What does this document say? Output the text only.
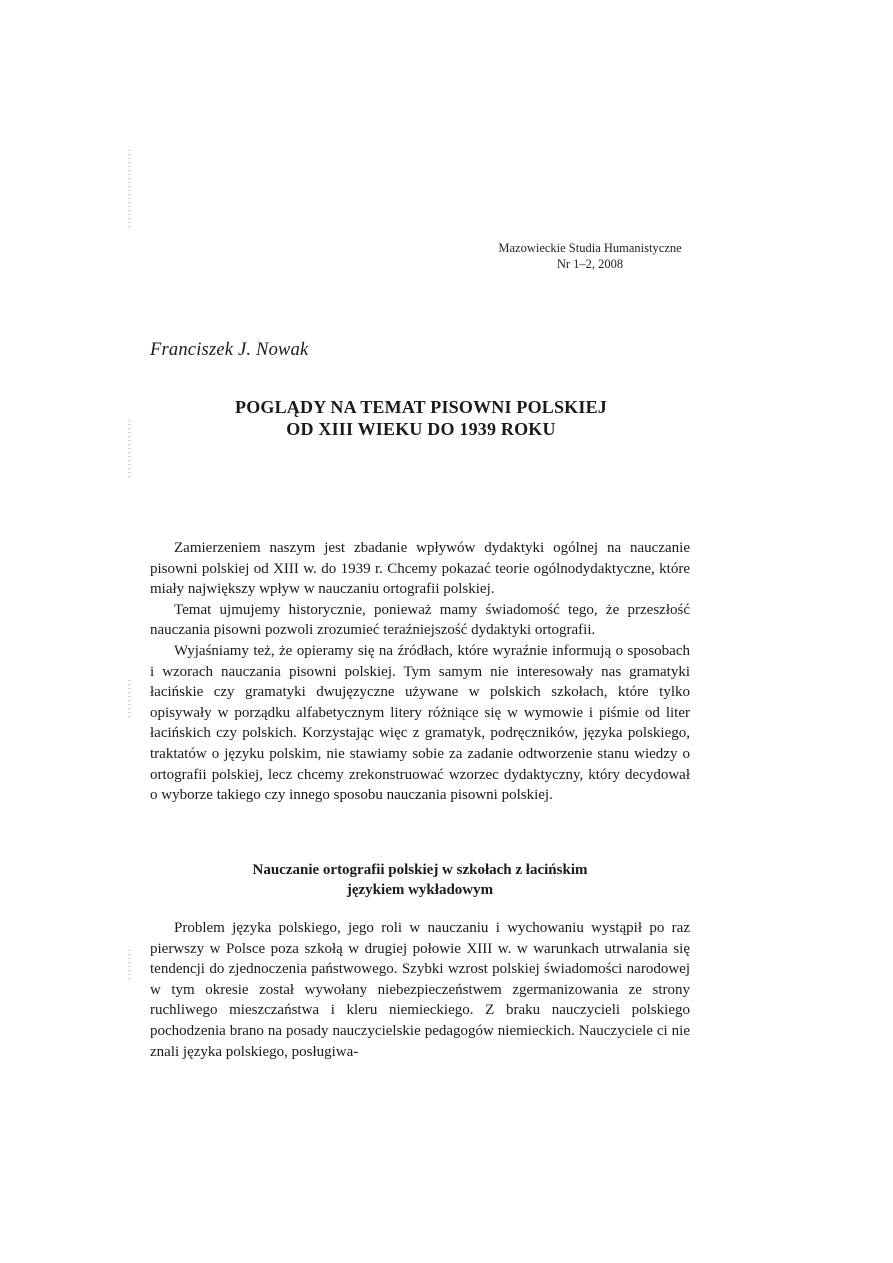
Mazowieckie Studia Humanistyczne
Nr 1–2, 2008
Franciszek J. Nowak
POGLĄDY NA TEMAT PISOWNI POLSKIEJ
OD XIII WIEKU DO 1939 ROKU

Zamierzeniem naszym jest zbadanie wpływów dydaktyki ogólnej na nauczanie pisowni polskiej od XIII w. do 1939 r. Chcemy pokazać teorie ogólnodydaktyczne, które miały największy wpływ w nauczaniu ortografii polskiej.

Temat ujmujemy historycznie, ponieważ mamy świadomość tego, że przeszłość nauczania pisowni pozwoli zrozumieć teraźniejszość dydaktyki ortografii.

Wyjaśniamy też, że opieramy się na źródłach, które wyraźnie informują o sposobach i wzorach nauczania pisowni polskiej. Tym samym nie interesowały nas gramatyki łacińskie czy gramatyki dwujęzyczne używane w polskich szkołach, które tylko opisywały w porządku alfabetycznym litery różniące się w wymowie i piśmie od liter łacińskich czy polskich. Korzystając więc z gramatyk, podręczników, języka polskiego, traktatów o języku polskim, nie stawiamy sobie za zadanie odtworzenie stanu wiedzy o ortografii polskiej, lecz chcemy zrekonstruować wzorzec dydaktyczny, który decydował o wyborze takiego czy innego sposobu nauczania pisowni polskiej.

Nauczanie ortografii polskiej w szkołach z łacińskim
językiem wykładowym

Problem języka polskiego, jego roli w nauczaniu i wychowaniu wystąpił po raz pierwszy w Polsce poza szkołą w drugiej połowie XIII w. w warunkach utrwalania się tendencji do zjednoczenia państwowego. Szybki wzrost polskiej świadomości narodowej w tym okresie został wywołany niebezpieczeństwem zgermanizowania ze strony ruchliwego mieszczaństwa i kleru niemieckiego. Z braku nauczycieli polskiego pochodzenia brano na posady nauczycielskie pedagogów niemieckich. Nauczyciele ci nie znali języka polskiego, posługiwa-
